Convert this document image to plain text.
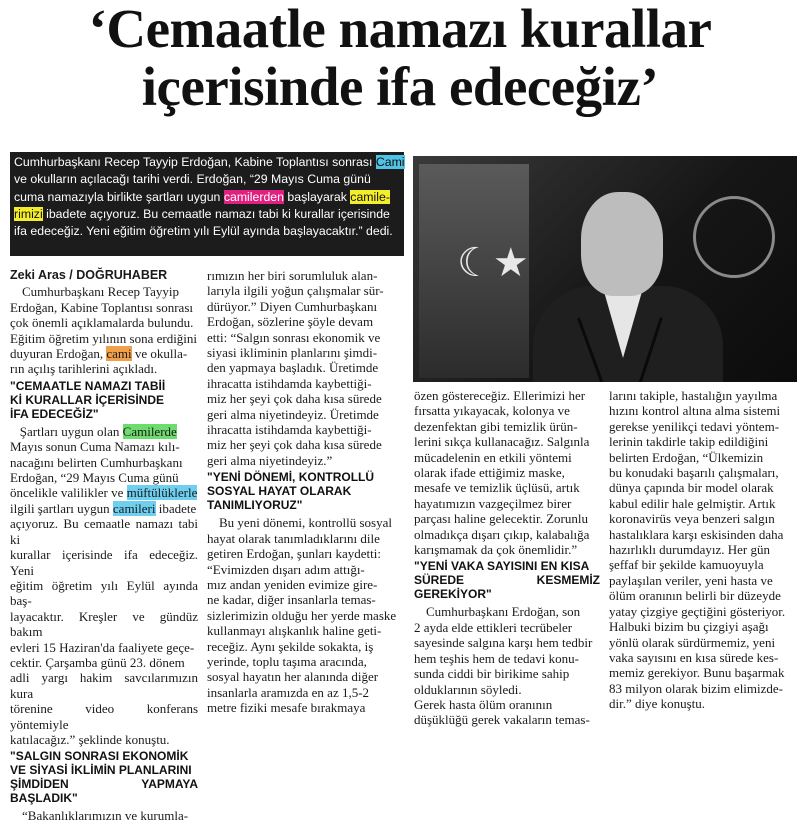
‘Cemaatle namazı kurallar
içerisinde ifa edeceğiz’
Cumhurbaşkanı Recep Tayyip Erdoğan, Kabine Toplantısı sonrası Cami
ve okulların açılacağı tarihi verdi. Erdoğan, “29 Mayıs Cuma günü
cuma namazıyla birlikte şartları uygun camilerden başlayarak camile-
rimizi ibadete açıyoruz. Bu cemaatle namazı tabi ki kurallar içerisinde
ifa edeceğiz. Yeni eğitim öğretim yılı Eylül ayında başlayacaktır.” dedi.
☾★
Zeki Aras / DOĞRUHABER
Cumhurbaşkanı Recep Tayyip
Erdoğan, Kabine Toplantısı sonrası
çok önemli açıklamalarda bulundu.
Eğitim öğretim yılının sona erdiğini
duyuran Erdoğan, cami ve okulla-
rın açılış tarihlerini açıkladı.
"CEMAATLE NAMAZI TABİİ
Kİ KURALLAR İÇERİSİNDE
İFA EDECEĞİZ"
Şartları uygun olan Camilerde
Mayıs sonun Cuma Namazı kılı-
nacağını belirten Cumhurbaşkanı
Erdoğan, “29 Mayıs Cuma günü
öncelikle valilikler ve müftülüklerle
ilgili şartları uygun camileri ibadete
açıyoruz. Bu cemaatle namazı tabi ki
kurallar içerisinde ifa edeceğiz. Yeni
eğitim öğretim yılı Eylül ayında baş-
layacaktır. Kreşler ve gündüz bakım
evleri 15 Haziran'da faaliyete geçe-
cektir. Çarşamba günü 23. dönem
adli yargı hakim savcılarımızın kura
törenine video konferans yöntemiyle
katılacağız.” şeklinde konuştu.
"SALGIN SONRASI EKONOMİK
VE SİYASİ İKLİMİN PLANLARINI
ŞİMDİDEN YAPMAYA BAŞLADIK"
“Bakanlıklarımızın ve kurumla-
rımızın her biri sorumluluk alan-
larıyla ilgili yoğun çalışmalar sür-
dürüyor.” Diyen Cumhurbaşkanı
Erdoğan, sözlerine şöyle devam
etti: “Salgın sonrası ekonomik ve
siyasi ikliminin planlarını şimdi-
den yapmaya başladık. Üretimde
ihracatta istihdamda kaybettiği-
miz her şeyi çok daha kısa sürede
geri alma niyetindeyiz. Üretimde
ihracatta istihdamda kaybettiği-
miz her şeyi çok daha kısa sürede
geri alma niyetindeyiz.”
"YENİ DÖNEMİ, KONTROLLÜ
SOSYAL HAYAT OLARAK
TANIMLIYORUZ"
Bu yeni dönemi, kontrollü sosyal
hayat olarak tanımladıklarını dile
getiren Erdoğan, şunları kaydetti:
“Evimizden dışarı adım attığı-
mız andan yeniden evimize gire-
ne kadar, diğer insanlarla temas-
sizlerimizin olduğu her yerde maske
kullanmayı alışkanlık haline geti-
receğiz. Aynı şekilde sokakta, iş
yerinde, toplu taşıma aracında,
sosyal hayatın her alanında diğer
insanlarla aramızda en az 1,5-2
metre fiziki mesafe bırakmaya
özen göstereceğiz. Ellerimizi her
fırsatta yıkayacak, kolonya ve
dezenfektan gibi temizlik ürün-
lerini sıkça kullanacağız. Salgınla
mücadelenin en etkili yöntemi
olarak ifade ettiğimiz maske,
mesafe ve temizlik üçlüsü, artık
hayatımızın vazgeçilmez birer
parçası haline gelecektir. Zorunlu
olmadıkça dışarı çıkıp, kalabalığa
karışmamak da çok önemlidir.”
"YENİ VAKA SAYISINI EN KISA
SÜREDE KESMEMİZ GEREKİYOR"
Cumhurbaşkanı Erdoğan, son
2 ayda elde ettikleri tecrübeler
sayesinde salgına karşı hem tedbir
hem teşhis hem de tedavi konu-
sunda ciddi bir birikime sahip
olduklarının söyledi.
Gerek hasta ölüm oranının
düşüklüğü gerek vakaların temas-
larını takiple, hastalığın yayılma
hızını kontrol altına alma sistemi
gerekse yenilikçi tedavi yöntem-
lerinin takdirle takip edildiğini
belirten Erdoğan, “Ülkemizin
bu konudaki başarılı çalışmaları,
dünya çapında bir model olarak
kabul edilir hale gelmiştir. Artık
koronavirüs veya benzeri salgın
hastalıklara karşı eskisinden daha
hazırlıklı durumdayız. Her gün
şeffaf bir şekilde kamuoyuyla
paylaşılan veriler, yeni hasta ve
ölüm oranının belirli bir düzeyde
yatay çizgiye geçtiğini gösteriyor.
Halbuki bizim bu çizgiyi aşağı
yönlü olarak sürdürmemiz, yeni
vaka sayısını en kısa sürede kes-
memiz gerekiyor. Bunu başarmak
83 milyon olarak bizim elimizde-
dir.” diye konuştu.
